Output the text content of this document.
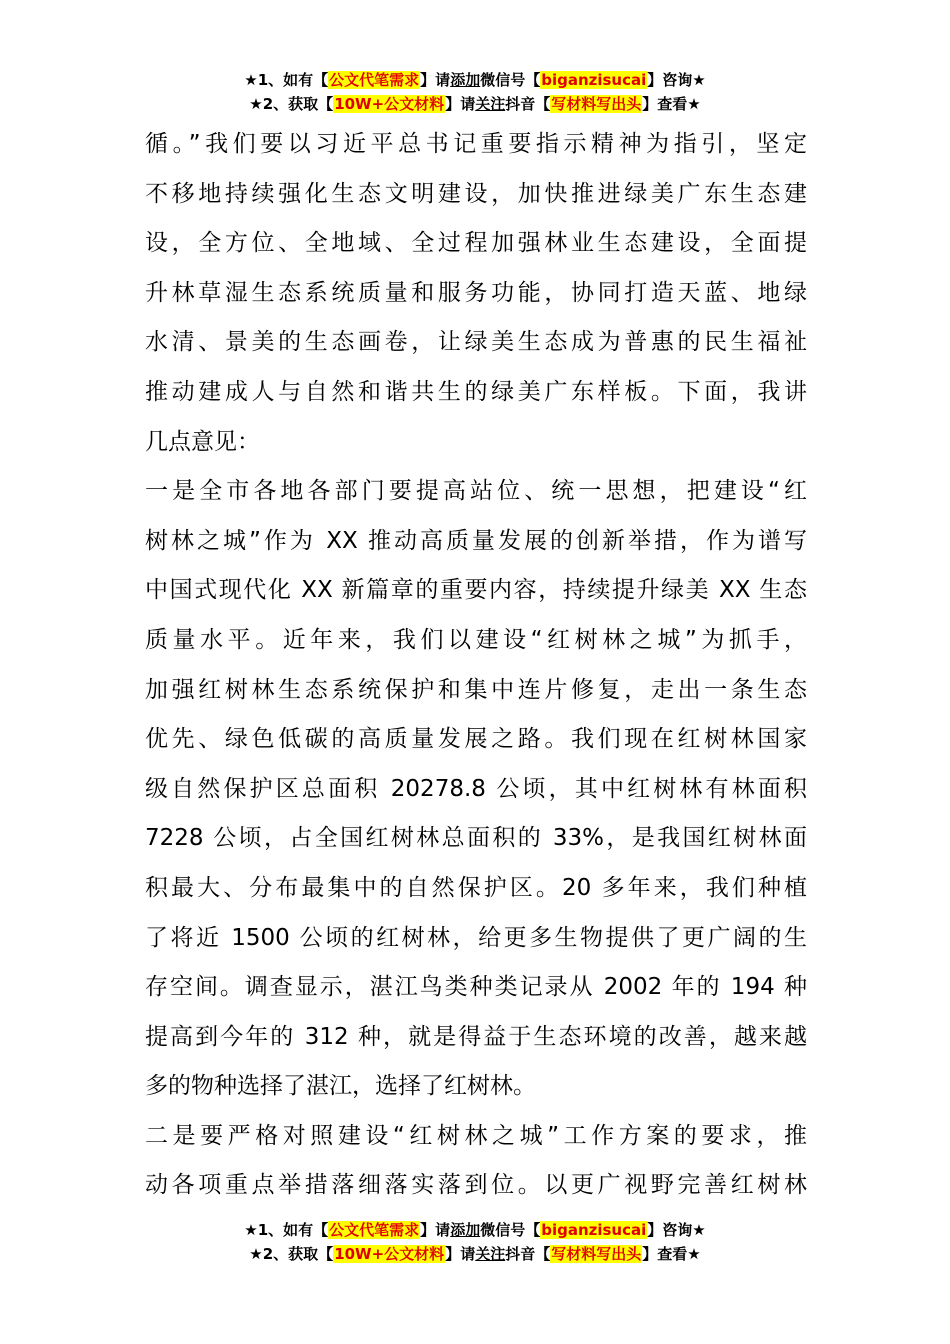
★1、如有【公文代笔需求】请添加微信号【biganzisucai】咨询★
★2、获取【10W+公文材料】请关注抖音【写材料写出头】查看★
循。”我们要以习近平总书记重要指示精神为指引，坚定
不移地持续强化生态文明建设，加快推进绿美广东生态建
设，全方位、全地域、全过程加强林业生态建设，全面提
升林草湿生态系统质量和服务功能，协同打造天蓝、地绿
水清、景美的生态画卷，让绿美生态成为普惠的民生福祉
推动建成人与自然和谐共生的绿美广东样板。下面，我讲
几点意见：
一是全市各地各部门要提高站位、统一思想，把建设“红
树林之城”作为 XX 推动高质量发展的创新举措，作为谱写
中国式现代化 XX 新篇章的重要内容，持续提升绿美 XX 生态
质量水平。近年来，我们以建设“红树林之城”为抓手，
加强红树林生态系统保护和集中连片修复，走出一条生态
优先、绿色低碳的高质量发展之路。我们现在红树林国家
级自然保护区总面积 20278.8 公顷，其中红树林有林面积
7228 公顷，占全国红树林总面积的 33%，是我国红树林面
积最大、分布最集中的自然保护区。20 多年来，我们种植
了将近 1500 公顷的红树林，给更多生物提供了更广阔的生
存空间。调查显示，湛江鸟类种类记录从 2002 年的 194 种
提高到今年的 312 种，就是得益于生态环境的改善，越来越
多的物种选择了湛江，选择了红树林。
二是要严格对照建设“红树林之城”工作方案的要求，推
动各项重点举措落细落实落到位。以更广视野完善红树林
★1、如有【公文代笔需求】请添加微信号【biganzisucai】咨询★
★2、获取【10W+公文材料】请关注抖音【写材料写出头】查看★
